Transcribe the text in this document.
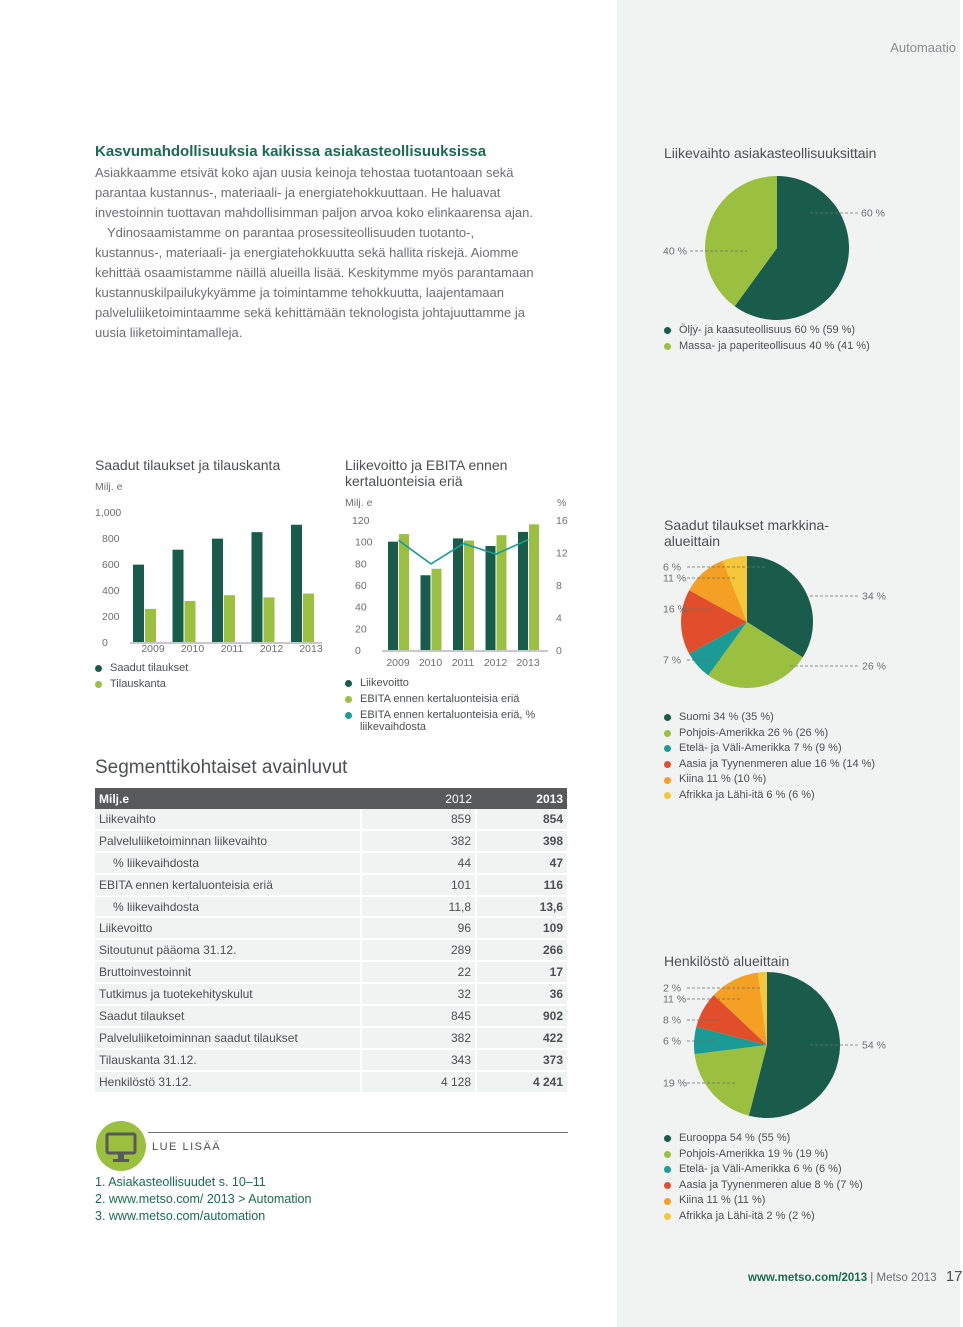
Automaatio
Kasvumahdollisuuksia kaikissa asiakasteollisuuksissa
Asiakkaamme etsivät koko ajan uusia keinoja tehostaa tuotantoaan sekä
parantaa kustannus-, materiaali- ja energiatehokkuuttaan. He haluavat
investoinnin tuottavan mahdollisimman paljon arvoa koko elinkaarensa ajan.
Ydinosaamistamme on parantaa prosessiteollisuuden tuotanto-,
kustannus-, materiaali- ja energiatehokkuutta sekä hallita riskejä. Aiomme
kehittää osaamistamme näillä alueilla lisää. Keskitymme myös parantamaan
kustannuskilpailukykyämme ja toimintamme tehokkuutta, laajentamaan
palveluliiketoimintaamme sekä kehittämään teknologista johtajuuttamme ja
uusia liiketoimintamalleja.
Liikevaihto asiakasteollisuuksittain
60 %
40 %
Öljy- ja kaasuteollisuus 60 % (59 %)
Massa- ja paperiteollisuus 40 % (41 %)
Saadut tilaukset ja tilauskanta
Milj. e
1,000
800
600
400
200
0	2009 2010 2011 2012 2013
Saadut tilaukset
Tilauskanta
Liikevoitto ja EBITA ennen
kertaluonteisia eriä
Milj. e	%
120
100
80
60
40
20
0
16
12
8
4
0
2009 2010 2011 2012 2013
Liikevoitto
EBITA ennen kertaluonteisia eriä
EBITA ennen kertaluonteisia eriä, % liikevaihdosta
Saadut tilaukset markkina-
alueittain
34 %
26 %
7 %
16 %
11 %
6 %
Suomi 34 % (35 %)
Pohjois-Amerikka 26 % (26 %)
Etelä- ja Väli-Amerikka 7 % (9 %)
Aasia ja Tyynenmeren alue 16 % (14 %)
Kiina 11 % (10 %)
Afrikka ja Lähi-itä 6 % (6 %)
Henkilöstö alueittain
54 %
19 %
6 %
8 %
11 %
2 %
Eurooppa 54 % (55 %)
Pohjois-Amerikka 19 % (19 %)
Etelä- ja Väli-Amerikka 6 % (6 %)
Aasia ja Tyynenmeren alue 8 % (7 %)
Kiina 11 % (11 %)
Afrikka ja Lähi-itä 2 % (2 %)
Segmenttikohtaiset avainluvut
Milj.e	2012	2013
Liikevaihto	859	854
Palveluliiketoiminnan liikevaihto	382	398
% liikevaihdosta	44	47
EBITA ennen kertaluonteisia eriä	101	116
% liikevaihdosta	11,8	13,6
Liikevoitto	96	109
Sitoutunut pääoma 31.12.	289	266
Bruttoinvestoinnit	22	17
Tutkimus ja tuotekehityskulut	32	36
Saadut tilaukset	845	902
Palveluliiketoiminnan saadut tilaukset	382	422
Tilauskanta 31.12.	343	373
Henkilöstö 31.12.	4 128	4 241
LUE LISÄÄ
1. Asiakasteollisuudet s. 10–11
2. www.metso.com/ 2013 > Automation
3. www.metso.com/automation
www.metso.com/2013 | Metso 2013 17
